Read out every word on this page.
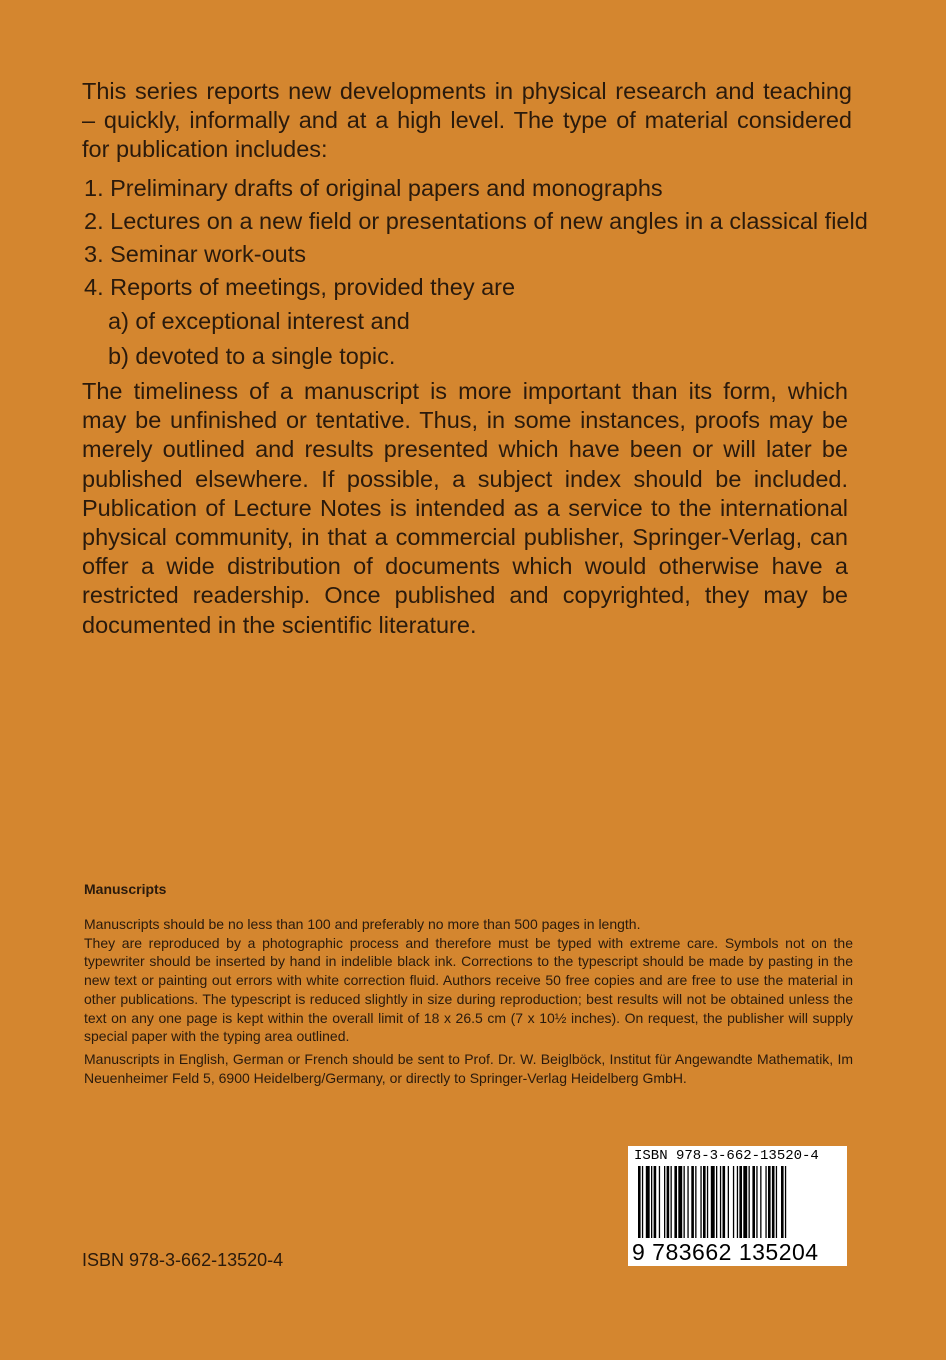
This series reports new developments in physical research and teaching – quickly, informally and at a high level. The type of material considered for publication includes:

1. Preliminary drafts of original papers and monographs
2. Lectures on a new field or presentations of new angles in a classical field
3. Seminar work-outs
4. Reports of meetings, provided they are
a) of exceptional interest and
b) devoted to a single topic.

The timeliness of a manuscript is more important than its form, which may be unfinished or tentative. Thus, in some instances, proofs may be merely outlined and results presented which have been or will later be published elsewhere. If possible, a subject index should be included. Publication of Lecture Notes is intended as a service to the international physical community, in that a commercial publisher, Springer-Verlag, can offer a wide distribution of documents which would otherwise have a restricted readership. Once published and copyrighted, they may be documented in the scientific literature.

Manuscripts

Manuscripts should be no less than 100 and preferably no more than 500 pages in length.

They are reproduced by a photographic process and therefore must be typed with extreme care. Symbols not on the typewriter should be inserted by hand in indelible black ink. Corrections to the typescript should be made by pasting in the new text or painting out errors with white correction fluid. Authors receive 50 free copies and are free to use the material in other publications. The typescript is reduced slightly in size during reproduction; best results will not be obtained unless the text on any one page is kept within the overall limit of 18 x 26.5 cm (7 x 10½ inches). On request, the publisher will supply special paper with the typing area outlined.

Manuscripts in English, German or French should be sent to Prof. Dr. W. Beiglböck, Institut für Angewandte Mathematik, Im Neuenheimer Feld 5, 6900 Heidelberg/Germany, or directly to Springer-Verlag Heidelberg GmbH.

ISBN 978-3-662-13520-4

ISBN 978-3-662-13520-4
9 783662 135204
